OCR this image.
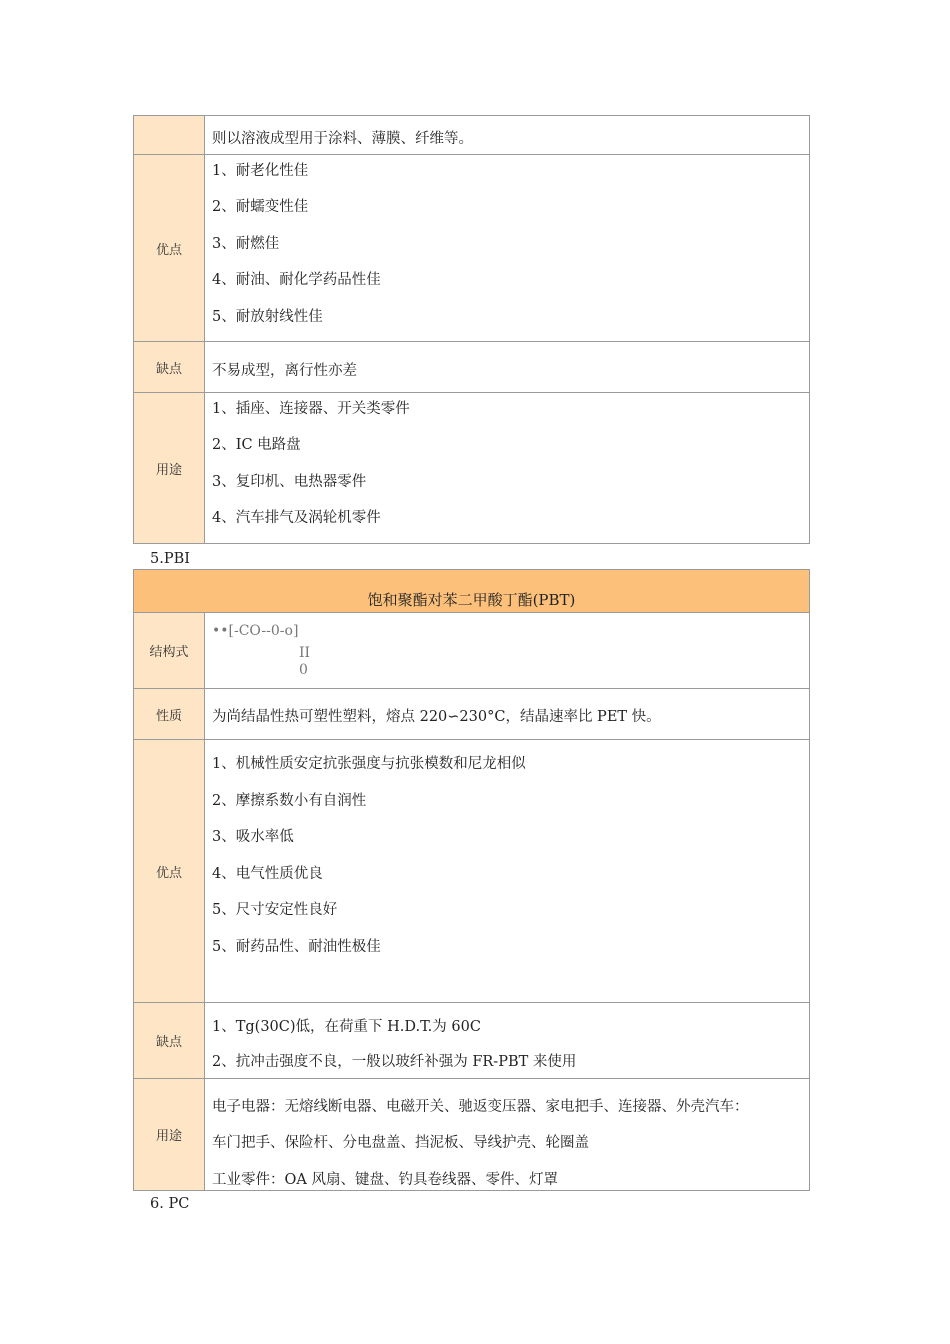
则以溶液成型用于涂料、薄膜、纤维等。
优点
1、耐老化性佳
2、耐蠕变性佳
3、耐燃佳
4、耐油、耐化学药品性佳
5、耐放射线性佳
缺点	不易成型，离行性亦差
用途
1、插座、连接器、开关类零件
2、IC 电路盘
3、复印机、电热器零件
4、汽车排气及涡轮机零件
5.PBI
饱和聚酯对苯二甲酸丁酯(PBT)
结构式
••[-CO--0-o]
II
0
性质	为尚结晶性热可塑性塑料，熔点 220∽230°C，结晶速率比 PET 快。
优点
1、机械性质安定抗张强度与抗张模数和尼龙相似
2、摩擦系数小有自润性
3、吸水率低
4、电气性质优良
5、尺寸安定性良好
5、耐药品性、耐油性极佳
缺点
1、Tg(30C)低，在荷重下 H.D.T.为 60C
2、抗冲击强度不良，一般以玻纤补强为 FR-PBT 来使用
用途
电子电器：无熔线断电器、电磁开关、驰返变压器、家电把手、连接器、外壳汽车：
车门把手、保险杆、分电盘盖、挡泥板、导线护壳、轮圈盖
工业零件：OA 风扇、键盘、钓具卷线器、零件、灯罩
6. PC
